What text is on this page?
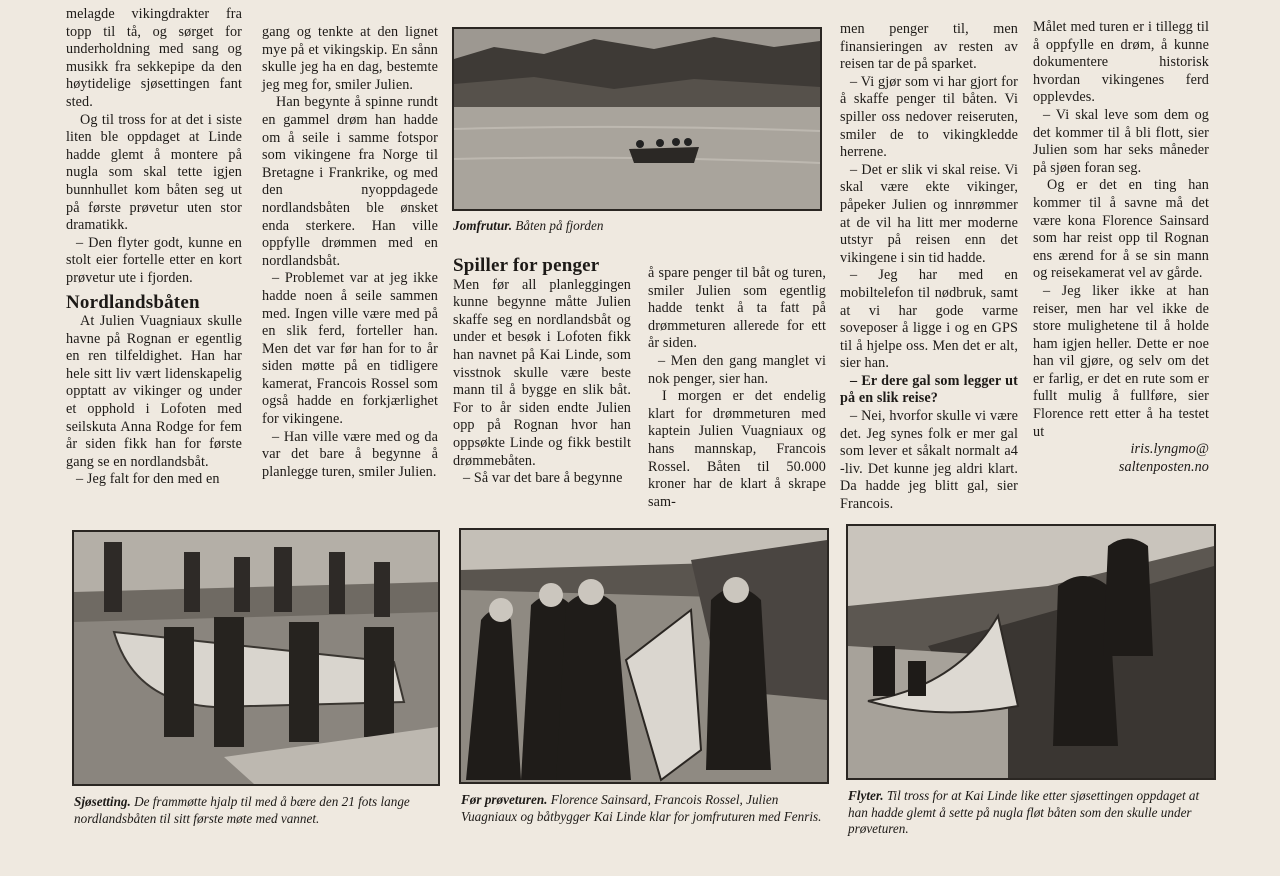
melagde vikingdrakter fra topp til tå, og sørget for underholdning med sang og musikk fra sekkepipe da den høytidelige sjøsettingen fant sted.

Og til tross for at det i siste liten ble oppdaget at Linde hadde glemt å montere på nugla som skal tette igjen bunnhullet kom båten seg ut på første prøvetur uten stor dramatikk.

– Den flyter godt, kunne en stolt eier fortelle etter en kort prøvetur ute i fjorden.

Nordlandsbåten

At Julien Vuagniaux skulle havne på Rognan er egentlig en ren tilfeldighet. Han har hele sitt liv vært lidenskapelig opptatt av vikinger og under et opphold i Lofoten med seilskuta Anna Rodge for fem år siden fikk han for første gang se en nordlandsbåt.

– Jeg falt for den med en

gang og tenkte at den lignet mye på et vikingskip. En sånn skulle jeg ha en dag, bestemte jeg meg for, smiler Julien.

Han begynte å spinne rundt en gammel drøm han hadde om å seile i samme fotspor som vikingene fra Norge til Bretagne i Frankrike, og med den nyoppdagede nordlandsbåten ble ønsket enda sterkere. Han ville oppfylle drømmen med en nordlandsbåt.

– Problemet var at jeg ikke hadde noen å seile sammen med. Ingen ville være med på en slik ferd, forteller han. Men det var før han for to år siden møtte på en tidligere kamerat, Francois Rossel som også hadde en forkjærlighet for vikingene.

– Han ville være med og da var det bare å begynne å planlegge turen, smiler Julien.

Jomfrutur. Båten på fjorden
Spiller for penger

Men før all planleggingen kunne begynne måtte Julien skaffe seg en nordlandsbåt og under et besøk i Lofoten fikk han navnet på Kai Linde, som visstnok skulle være beste mann til å bygge en slik båt. For to år siden endte Julien opp på Rognan hvor han oppsøkte Linde og fikk bestilt drømmebåten.

– Så var det bare å begynne

å spare penger til båt og turen, smiler Julien som egentlig hadde tenkt å ta fatt på drømmeturen allerede for ett år siden.

– Men den gang manglet vi nok penger, sier han.

I morgen er det endelig klart for drømmeturen med kaptein Julien Vuagniaux og hans mannskap, Francois Rossel. Båten til 50.000 kroner har de klart å skrape sam-

men penger til, men finansieringen av resten av reisen tar de på sparket.

– Vi gjør som vi har gjort for å skaffe penger til båten. Vi spiller oss nedover reiseruten, smiler de to vikingkledde herrene.

– Det er slik vi skal reise. Vi skal være ekte vikinger, påpeker Julien og innrømmer at de vil ha litt mer moderne utstyr på reisen enn det vikingene i sin tid hadde.

– Jeg har med en mobiltelefon til nødbruk, samt at vi har gode varme soveposer å ligge i og en GPS til å hjelpe oss. Men det er alt, sier han.

– Er dere gal som legger ut på en slik reise?

– Nei, hvorfor skulle vi være det. Jeg synes folk er mer gal som lever et såkalt normalt a4 -liv. Det kunne jeg aldri klart. Da hadde jeg blitt gal, sier Francois.

Målet med turen er i tillegg til å oppfylle en drøm, å kunne dokumentere historisk hvordan vikingenes ferd opplevdes.

– Vi skal leve som dem og det kommer til å bli flott, sier Julien som har seks måneder på sjøen foran seg.

Og er det en ting han kommer til å savne må det være kona Florence Sainsard som har reist opp til Rognan ens ærend for å se sin mann og reisekamerat vel av gårde.

– Jeg liker ikke at han reiser, men har vel ikke de store mulighetene til å holde ham igjen heller. Dette er noe han vil gjøre, og selv om det er farlig, er det en rute som er fullt mulig å fullføre, sier Florence rett etter å ha testet ut

iris.lyngmo@
saltenposten.no
Sjøsetting. De frammøtte hjalp til med å bære den 21 fots lange nordlandsbåten til sitt første møte med vannet.
Før prøveturen. Florence Sainsard, Francois Rossel, Julien Vuagniaux og båtbygger Kai Linde klar for jomfruturen med Fenris.
Flyter. Til tross for at Kai Linde like etter sjøsettingen oppdaget at han hadde glemt å sette på nugla fløt båten som den skulle under prøveturen.
